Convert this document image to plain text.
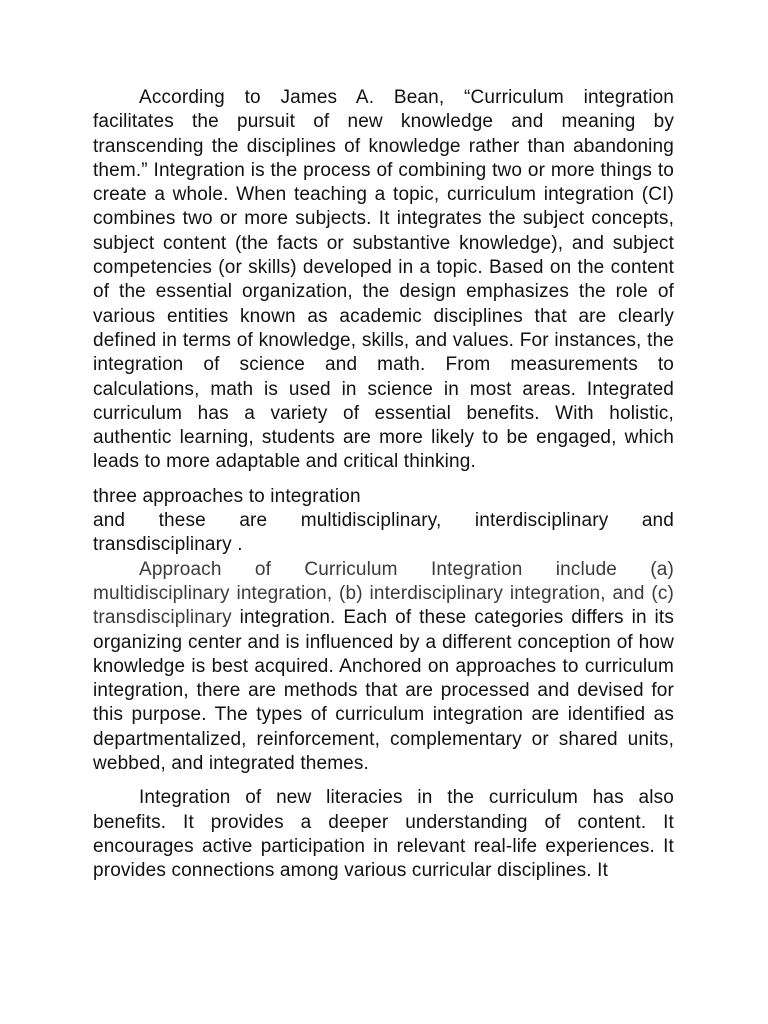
According to James A. Bean, “Curriculum integration facilitates the pursuit of new knowledge and meaning by transcending the disciplines of knowledge rather than abandoning them.” Integration is the process of combining two or more things to create a whole. When teaching a topic, curriculum integration (CI) combines two or more subjects. It integrates the subject concepts, subject content (the facts or substantive knowledge), and subject competencies (or skills) developed in a topic. Based on the content of the essential organization, the design emphasizes the role of various entities known as academic disciplines that are clearly defined in terms of knowledge, skills, and values. For instances, the integration of science and math. From measurements to calculations, math is used in science in most areas. Integrated curriculum has a variety of essential benefits. With holistic, authentic learning, students are more likely to be engaged, which leads to more adaptable and critical thinking.

three approaches to integration

and these are multidisciplinary, interdisciplinary and

transdisciplinary .

Approach of Curriculum Integration include (a) multidisciplinary integration, (b) interdisciplinary integration, and (c) transdisciplinary integration. Each of these categories differs in its organizing center and is influenced by a different conception of how knowledge is best acquired. Anchored on approaches to curriculum integration, there are methods that are processed and devised for this purpose. The types of curriculum integration are identified as departmentalized, reinforcement, complementary or shared units, webbed, and integrated themes.

Integration of new literacies in the curriculum has also benefits. It provides a deeper understanding of content. It encourages active participation in relevant real-life experiences. It provides connections among various curricular disciplines. It
